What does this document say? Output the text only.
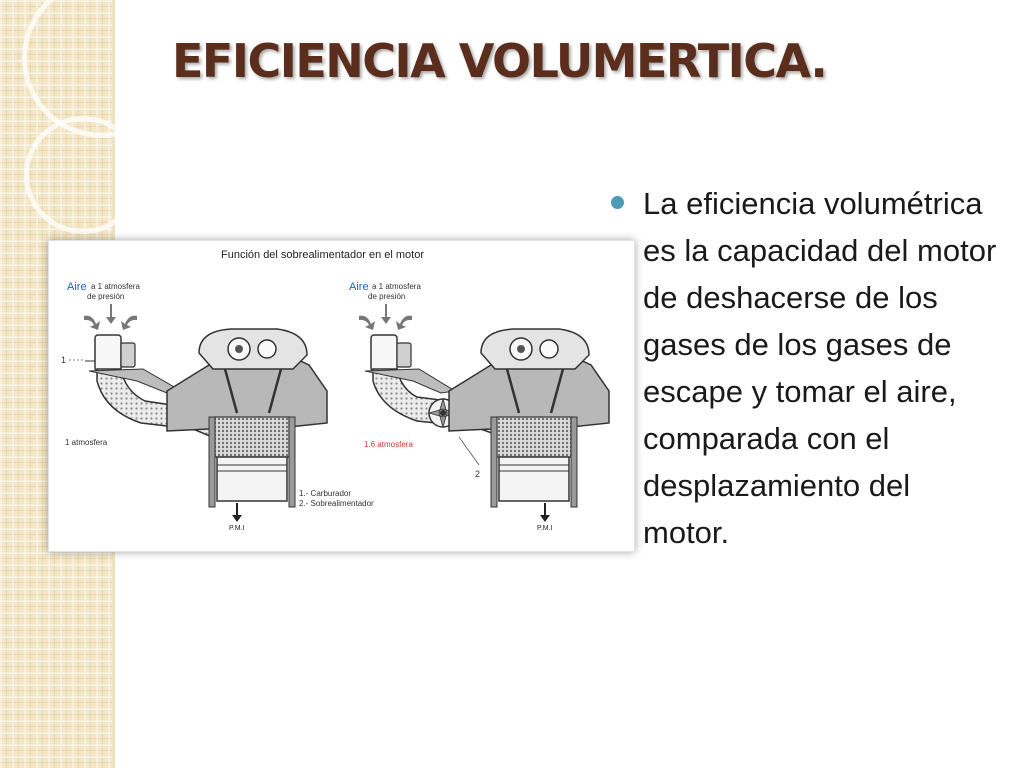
EFICIENCIA VOLUMERTICA.
Función del sobrealimentador en el motor
Aire a 1 atmosfera
de presión
1
1 atmosfera
1.- Carburador
2.- Sobrealimentador
P.M.I
Aire a 1 atmosfera
de presión
2
1.6 atmosfera
P.M.I
La eficiencia volumétrica es la capacidad del motor de deshacerse de los gases de los gases de escape y tomar el aire, comparada con el desplazamiento del motor.
